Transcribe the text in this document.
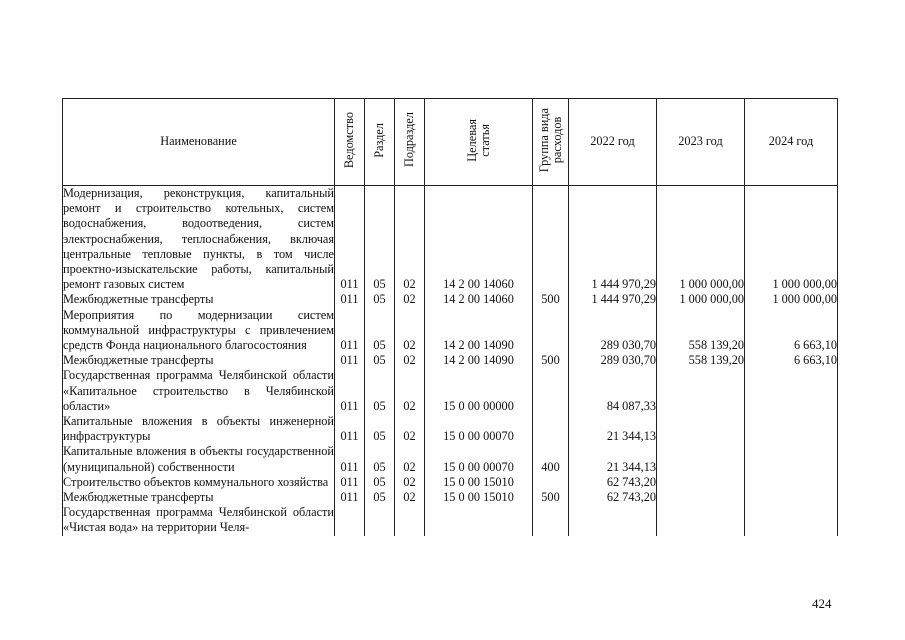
Наименование	Ведомство	Раздел	Подраздел	Целевая
статья	Группа вида
расходов	2022 год	2023 год	2024 год
Модернизация, реконструкция, капитальный ремонт и строительство котельных, систем водоснабжения, водоотведения, систем электроснабжения, теплоснабжения, включая центральные тепловые пункты, в том числе проектно-изыскательские работы, капитальный ремонт газовых систем	011	05	02	14 2 00 14060		1 444 970,29	1 000 000,00	1 000 000,00
Межбюджетные трансферты	011	05	02	14 2 00 14060	500	1 444 970,29	1 000 000,00	1 000 000,00
Мероприятия по модернизации систем коммунальной инфраструктуры с привлечением средств Фонда национального благосостояния	011	05	02	14 2 00 14090		289 030,70	558 139,20	6 663,10
Межбюджетные трансферты	011	05	02	14 2 00 14090	500	289 030,70	558 139,20	6 663,10
Государственная программа Челябинской области «Капитальное строительство в Челябинской области»	011	05	02	15 0 00 00000		84 087,33		
Капитальные вложения в объекты инженерной инфраструктуры	011	05	02	15 0 00 00070		21 344,13		
Капитальные вложения в объекты государственной (муниципальной) собственности	011	05	02	15 0 00 00070	400	21 344,13		
Строительство объектов коммунального хозяйства	011	05	02	15 0 00 15010		62 743,20		
Межбюджетные трансферты	011	05	02	15 0 00 15010	500	62 743,20		
Государственная программа Челябинской области «Чистая вода» на территории Челя-								
424
